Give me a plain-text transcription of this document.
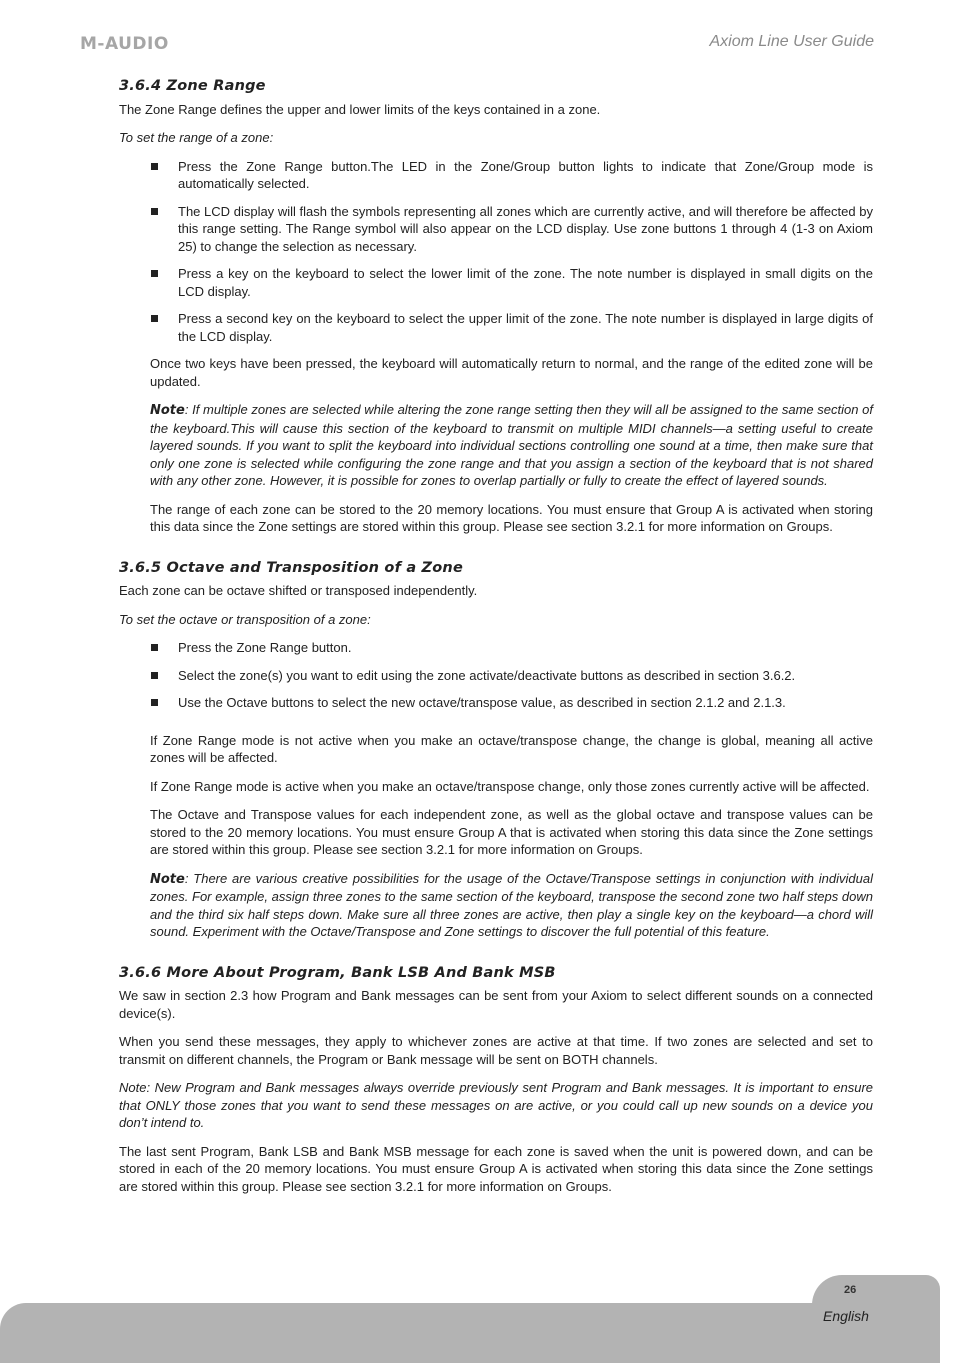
M-AUDIO	Axiom Line User Guide
3.6.4 Zone Range

The Zone Range defines the upper and lower limits of the keys contained in a zone.

To set the range of a zone:

Press the Zone Range button.The LED in the Zone/Group button lights to indicate that Zone/Group mode is automatically selected.
The LCD display will flash the symbols representing all zones which are currently active, and will therefore be affected by this range setting. The Range symbol will also appear on the LCD display. Use zone buttons 1 through 4 (1-3 on Axiom 25) to change the selection as necessary.
Press a key on the keyboard to select the lower limit of the zone. The note number is displayed in small digits on the LCD display.
Press a second key on the keyboard to select the upper limit of the zone. The note number is displayed in large digits of the LCD display.

Once two keys have been pressed, the keyboard will automatically return to normal, and the range of the edited zone will be updated.

Note: If multiple zones are selected while altering the zone range setting then they will all be assigned to the same section of the keyboard.This will cause this section of the keyboard to transmit on multiple MIDI channels—a setting useful to create layered sounds. If you want to split the keyboard into individual sections controlling one sound at a time, then make sure that only one zone is selected while configuring the zone range and that you assign a section of the keyboard that is not shared with any other zone. However, it is possible for zones to overlap partially or fully to create the effect of layered sounds.

The range of each zone can be stored to the 20 memory locations. You must ensure that Group A is activated when storing this data since the Zone settings are stored within this group. Please see section 3.2.1 for more information on Groups.

3.6.5 Octave and Transposition of a Zone

Each zone can be octave shifted or transposed independently.

To set the octave or transposition of a zone:

Press the Zone Range button.
Select the zone(s) you want to edit using the zone activate/deactivate buttons as described in section 3.6.2.
Use the Octave buttons to select the new octave/transpose value, as described in section 2.1.2 and 2.1.3.

If Zone Range mode is not active when you make an octave/transpose change, the change is global, meaning all active zones will be affected.

If Zone Range mode is active when you make an octave/transpose change, only those zones currently active will be affected.

The Octave and Transpose values for each independent zone, as well as the global octave and transpose values can be stored to the 20 memory locations. You must ensure Group A that is activated when storing this data since the Zone settings are stored within this group. Please see section 3.2.1 for more information on Groups.

Note: There are various creative possibilities for the usage of the Octave/Transpose settings in conjunction with individual zones. For example, assign three zones to the same section of the keyboard, transpose the second zone two half steps down and the third six half steps down. Make sure all three zones are active, then play a single key on the keyboard—a chord will sound. Experiment with the Octave/Transpose and Zone settings to discover the full potential of this feature.

3.6.6 More About Program, Bank LSB And Bank MSB

We saw in section 2.3 how Program and Bank messages can be sent from your Axiom to select different sounds on a connected device(s).

When you send these messages, they apply to whichever zones are active at that time. If two zones are selected and set to transmit on different channels, the Program or Bank message will be sent on BOTH channels.

Note: New Program and Bank messages always override previously sent Program and Bank messages. It is important to ensure that ONLY those zones that you want to send these messages on are active, or you could call up new sounds on a device you don’t intend to.

The last sent Program, Bank LSB and Bank MSB message for each zone is saved when the unit is powered down, and can be stored in each of the 20 memory locations. You must ensure Group A is activated when storing this data since the Zone settings are stored within this group. Please see section 3.2.1 for more information on Groups.

26
English
